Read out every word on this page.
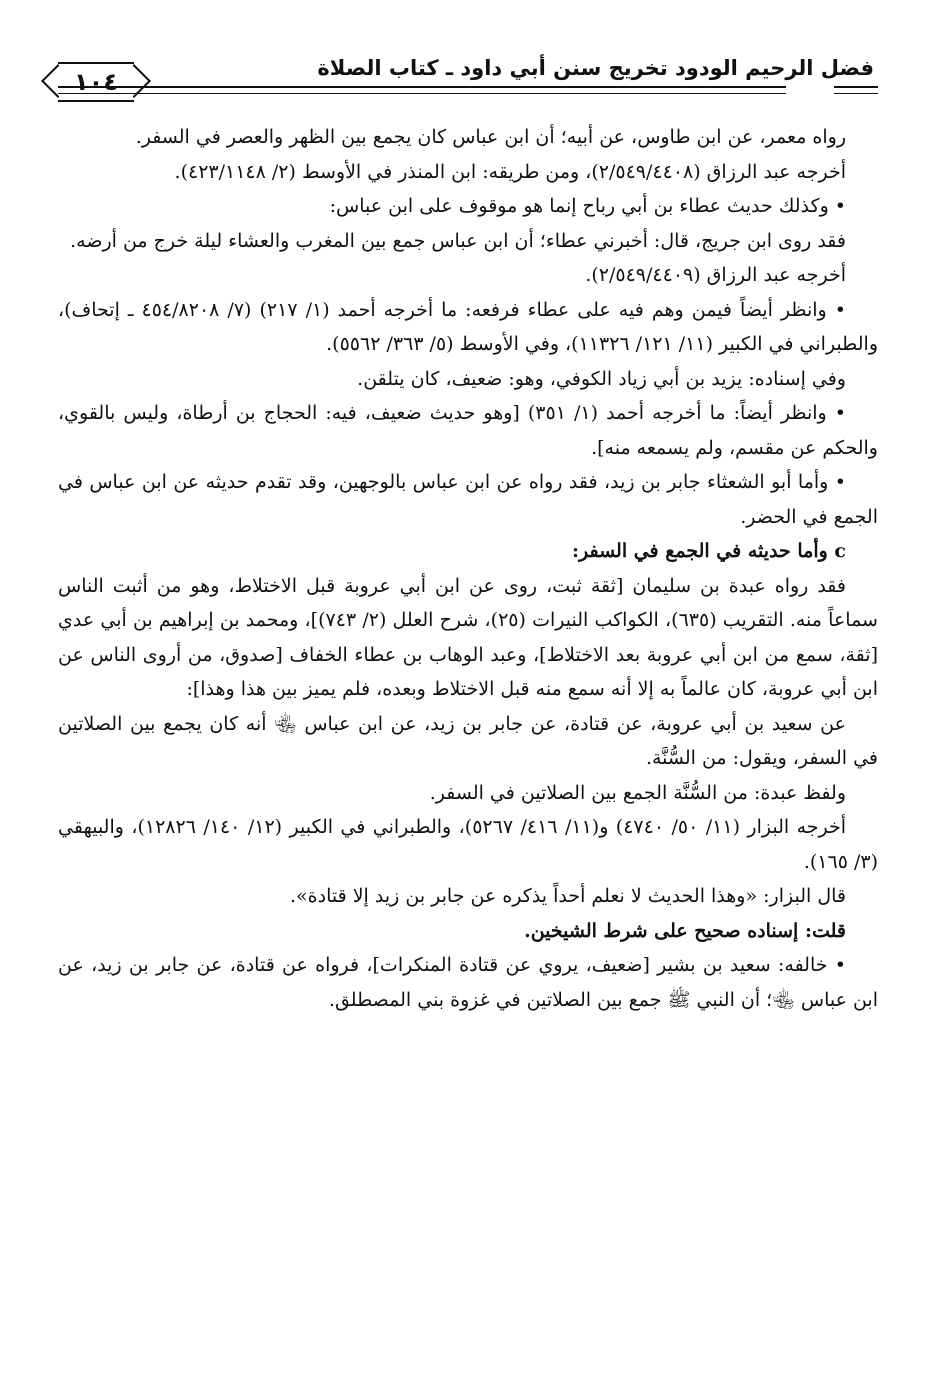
١٠٤	فضل الرحيم الودود تخريج سنن أبي داود ـ كتاب الصلاة

رواه معمر، عن ابن طاوس، عن أبيه؛ أن ابن عباس كان يجمع بين الظهر والعصر في السفر.

أخرجه عبد الرزاق (٢/٥٤٩/٤٤٠٨)، ومن طريقه: ابن المنذر في الأوسط (٢/ ٤٢٣/١١٤٨).

• وكذلك حديث عطاء بن أبي رباح إنما هو موقوف على ابن عباس:

فقد روى ابن جريج، قال: أخبرني عطاء؛ أن ابن عباس جمع بين المغرب والعشاء ليلة خرج من أرضه.

أخرجه عبد الرزاق (٢/٥٤٩/٤٤٠٩).

• وانظر أيضاً فيمن وهم فيه على عطاء فرفعه: ما أخرجه أحمد (١/ ٢١٧) (٧/ ٤٥٤/٨٢٠٨ ـ إتحاف)، والطبراني في الكبير (١١/ ١٢١/ ١١٣٢٦)، وفي الأوسط (٥/ ٣٦٣/ ٥٥٦٢).

وفي إسناده: يزيد بن أبي زياد الكوفي، وهو: ضعيف، كان يتلقن.

• وانظر أيضاً: ما أخرجه أحمد (١/ ٣٥١) [وهو حديث ضعيف، فيه: الحجاج بن أرطاة، وليس بالقوي، والحكم عن مقسم، ولم يسمعه منه].

• وأما أبو الشعثاء جابر بن زيد، فقد رواه عن ابن عباس بالوجهين، وقد تقدم حديثه عن ابن عباس في الجمع في الحضر.

c وأما حديثه في الجمع في السفر:

فقد رواه عبدة بن سليمان [ثقة ثبت، روى عن ابن أبي عروبة قبل الاختلاط، وهو من أثبت الناس سماعاً منه. التقريب (٦٣٥)، الكواكب النيرات (٢٥)، شرح العلل (٢/ ٧٤٣)]، ومحمد بن إبراهيم بن أبي عدي [ثقة، سمع من ابن أبي عروبة بعد الاختلاط]، وعبد الوهاب بن عطاء الخفاف [صدوق، من أروى الناس عن ابن أبي عروبة، كان عالماً به إلا أنه سمع منه قبل الاختلاط وبعده، فلم يميز بين هذا وهذا]:

عن سعيد بن أبي عروبة، عن قتادة، عن جابر بن زيد، عن ابن عباس ﵄ أنه كان يجمع بين الصلاتين في السفر، ويقول: من السُّنَّة.

ولفظ عبدة: من السُّنَّة الجمع بين الصلاتين في السفر.

أخرجه البزار (١١/ ٥٠/ ٤٧٤٠) و(١١/ ٤١٦/ ٥٢٦٧)، والطبراني في الكبير (١٢/ ١٤٠/ ١٢٨٢٦)، والبيهقي (٣/ ١٦٥).

قال البزار: «وهذا الحديث لا نعلم أحداً يذكره عن جابر بن زيد إلا قتادة».

قلت: إسناده صحيح على شرط الشيخين.

• خالفه: سعيد بن بشير [ضعيف، يروي عن قتادة المنكرات]، فرواه عن قتادة، عن جابر بن زيد، عن ابن عباس ﵄؛ أن النبي ﷺ جمع بين الصلاتين في غزوة بني المصطلق.
